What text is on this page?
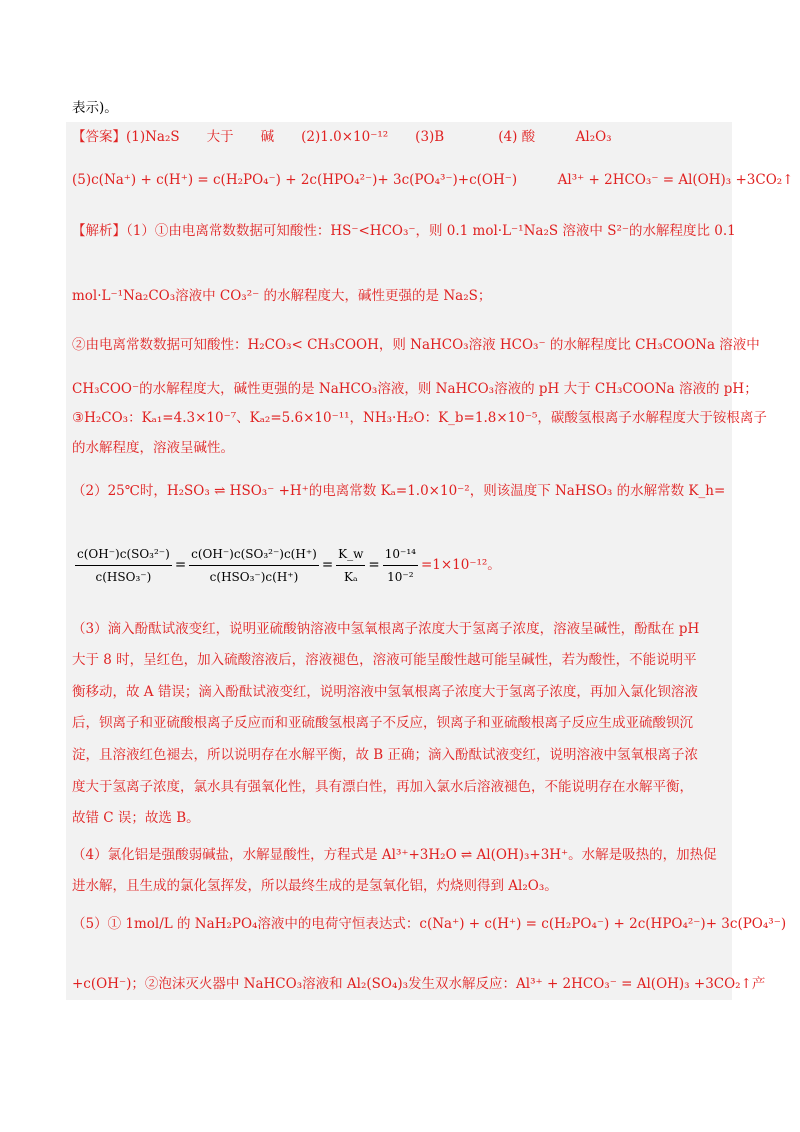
表示)。
【答案】(1)Na₂S　　大于　　碱　　(2)1.0×10⁻¹²　　(3)B　　　　(4) 酸　　　Al₂O₃
(5)c(Na⁺) + c(H⁺) = c(H₂PO₄⁻) + 2c(HPO₄²⁻)+ 3c(PO₄³⁻)+c(OH⁻)　　　Al³⁺ + 2HCO₃⁻ = Al(OH)₃ +3CO₂↑
【解析】（1）①由电离常数数据可知酸性：HS⁻<HCO₃⁻，则 0.1 mol·L⁻¹Na₂S 溶液中 S²⁻的水解程度比 0.1
mol·L⁻¹Na₂CO₃溶液中 CO₃²⁻ 的水解程度大，碱性更强的是 Na₂S；
②由电离常数数据可知酸性：H₂CO₃< CH₃COOH，则 NaHCO₃溶液 HCO₃⁻ 的水解程度比 CH₃COONa 溶液中
CH₃COO⁻的水解程度大，碱性更强的是 NaHCO₃溶液，则 NaHCO₃溶液的 pH 大于 CH₃COONa 溶液的 pH；
③H₂CO₃：Kₐ₁=4.3×10⁻⁷、Kₐ₂=5.6×10⁻¹¹，NH₃·H₂O：K_b=1.8×10⁻⁵，碳酸氢根离子水解程度大于铵根离子
的水解程度，溶液呈碱性。
（2）25℃时，H₂SO₃ ⇌ HSO₃⁻ +H⁺的电离常数 Kₐ=1.0×10⁻²，则该温度下 NaHSO₃ 的水解常数 K_h=
$\frac{\text{c(OH⁻)c(SO₃²⁻)}}{\text{c(HSO₃⁻)}} = \frac{\text{c(OH⁻)c(SO₃²⁻)c(H⁺)}}{\text{c(HSO₃⁻)c(H⁺)}} = \frac{K\_w}{\text{Kₐ}} = \frac{\text{10⁻¹⁴}}{\text{10⁻²}} =1\times 10^{-12}$。
（3）滴入酚酞试液变红，说明亚硫酸钠溶液中氢氧根离子浓度大于氢离子浓度，溶液呈碱性，酚酞在 pH
大于 8 时，呈红色，加入硫酸溶液后，溶液褪色，溶液可能呈酸性越可能呈碱性，若为酸性，不能说明平
衡移动，故 A 错误；滴入酚酞试液变红，说明溶液中氢氧根离子浓度大于氢离子浓度，再加入氯化钡溶液
后，钡离子和亚硫酸根离子反应而和亚硫酸氢根离子不反应，钡离子和亚硫酸根离子反应生成亚硫酸钡沉
淀，且溶液红色褪去，所以说明存在水解平衡，故 B 正确；滴入酚酞试液变红，说明溶液中氢氧根离子浓
度大于氢离子浓度，氯水具有强氧化性，具有漂白性，再加入氯水后溶液褪色，不能说明存在水解平衡，
故错 C 误；故选 B。
（4）氯化铝是强酸弱碱盐，水解显酸性，方程式是 Al³⁺+3H₂O ⇌ Al(OH)₃+3H⁺。水解是吸热的，加热促
进水解，且生成的氯化氢挥发，所以最终生成的是氢氧化铝，灼烧则得到 Al₂O₃。
（5）① 1mol/L 的 NaH₂PO₄溶液中的电荷守恒表达式：c(Na⁺) + c(H⁺) = c(H₂PO₄⁻) + 2c(HPO₄²⁻)+ 3c(PO₄³⁻)
+c(OH⁻)；②泡沫灭火器中 NaHCO₃溶液和 Al₂(SO₄)₃发生双水解反应：Al³⁺ + 2HCO₃⁻ = Al(OH)₃ +3CO₂↑产
